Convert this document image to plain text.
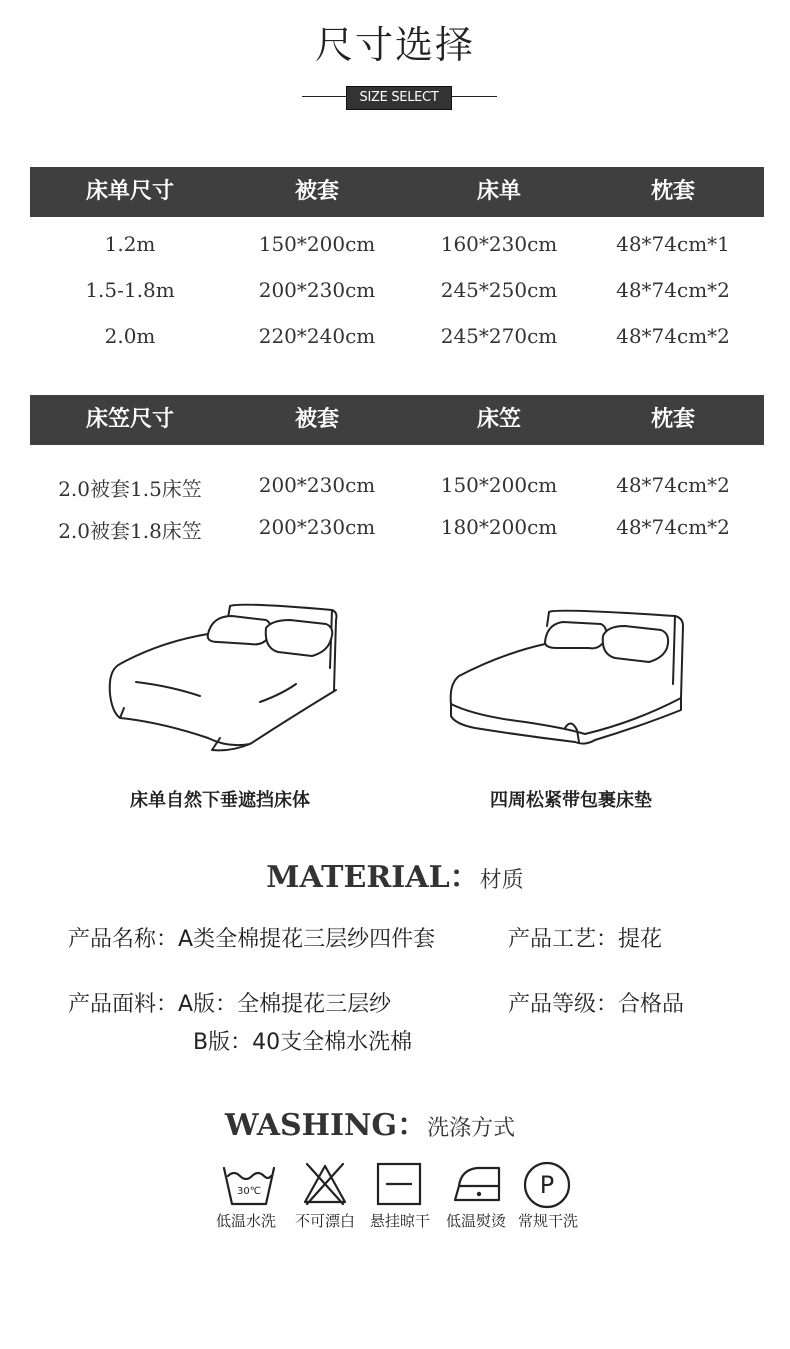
尺寸选择
SIZE SELECT
床单尺寸	被套	床单	枕套
1.2m	150*200cm	160*230cm	48*74cm*1
1.5-1.8m	200*230cm	245*250cm	48*74cm*2
2.0m	220*240cm	245*270cm	48*74cm*2
床笠尺寸	被套	床笠	枕套
2.0被套1.5床笠	200*230cm	150*200cm	48*74cm*2
2.0被套1.8床笠	200*230cm	180*200cm	48*74cm*2
床单自然下垂遮挡床体	四周松紧带包裹床垫
MATERIAL：材质
产品名称：A类全棉提花三层纱四件套	产品工艺：提花
产品面料：A版：全棉提花三层纱
B版：40支全棉水洗棉
产品等级：合格品
WASHING：洗涤方式
30℃	P
低温水洗	不可漂白 悬挂晾干	低温熨烫 常规干洗
